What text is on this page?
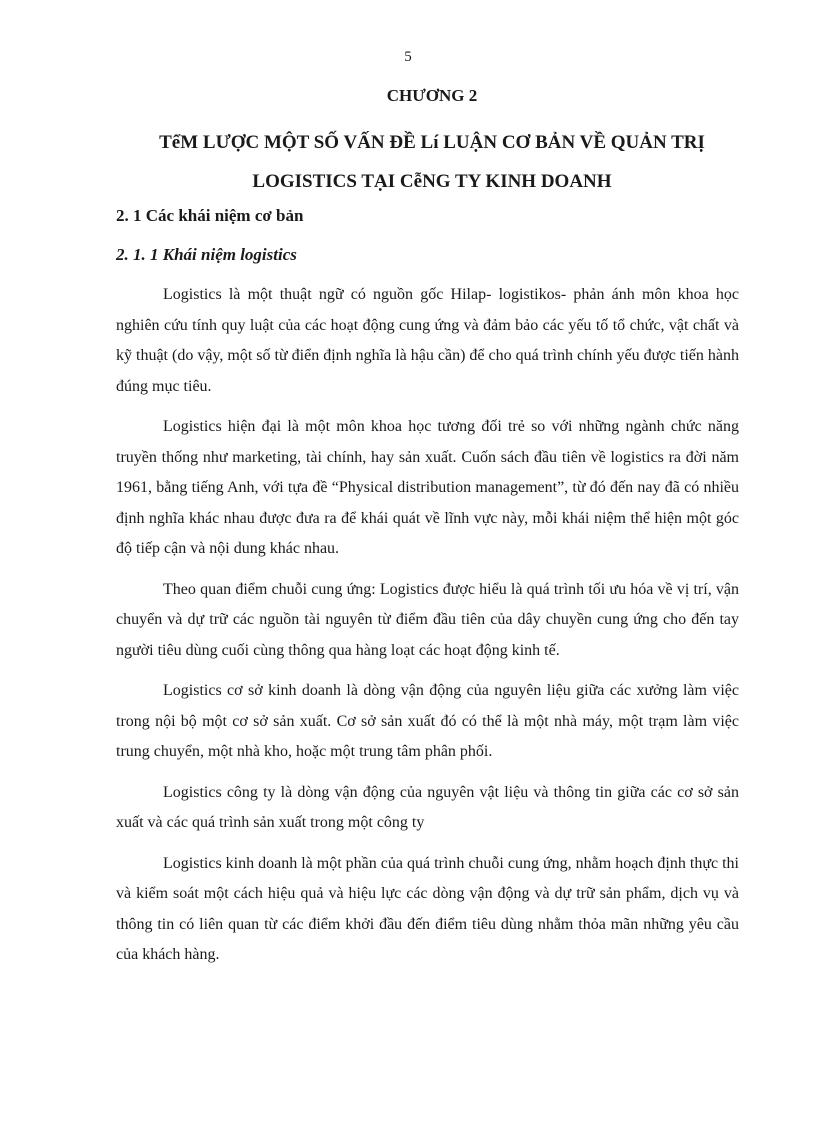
5
CHƯƠNG 2
TểM LƯỢC MỘT SỐ VẤN ĐỀ Lí LUẬN CƠ BẢN VỀ QUẢN TRỊ
LOGISTICS TẠI CễNG TY KINH DOANH
2. 1 Các khái niệm cơ bản
2. 1. 1 Khái niệm logistics

Logistics là một thuật ngữ có nguồn gốc Hilap- logistikos- phản ánh môn khoa học nghiên cứu tính quy luật của các hoạt động cung ứng và đảm bảo các yếu tố tổ chức, vật chất và kỹ thuật (do vậy, một số từ điển định nghĩa là hậu cần) để cho quá trình chính yếu được tiến hành đúng mục tiêu.

Logistics hiện đại là một môn khoa học tương đối trẻ so với những ngành chức năng truyền thống như marketing, tài chính, hay sản xuất. Cuốn sách đầu tiên về logistics ra đời năm 1961, bằng tiếng Anh, với tựa đề “Physical distribution management”, từ đó đến nay đã có nhiều định nghĩa khác nhau được đưa ra để khái quát về lĩnh vực này, mỗi khái niệm thể hiện một góc độ tiếp cận và nội dung khác nhau.

Theo quan điểm chuỗi cung ứng: Logistics được hiểu là quá trình tối ưu hóa về vị trí, vận chuyển và dự trữ các nguồn tài nguyên từ điểm đầu tiên của dây chuyền cung ứng cho đến tay người tiêu dùng cuối cùng thông qua hàng loạt các hoạt động kinh tế.

Logistics cơ sở kinh doanh là dòng vận động của nguyên liệu giữa các xưởng làm việc trong nội bộ một cơ sở sản xuất. Cơ sở sản xuất đó có thể là một nhà máy, một trạm làm việc trung chuyển, một nhà kho, hoặc một trung tâm phân phối.

Logistics công ty là dòng vận động của nguyên vật liệu và thông tin giữa các cơ sở sản xuất và các quá trình sản xuất trong một công ty

Logistics kinh doanh là một phần của quá trình chuỗi cung ứng, nhằm hoạch định thực thi và kiểm soát một cách hiệu quả và hiệu lực các dòng vận động và dự trữ sản phẩm, dịch vụ và thông tin có liên quan từ các điểm khởi đầu đến điểm tiêu dùng nhằm thỏa mãn những yêu cầu của khách hàng.
